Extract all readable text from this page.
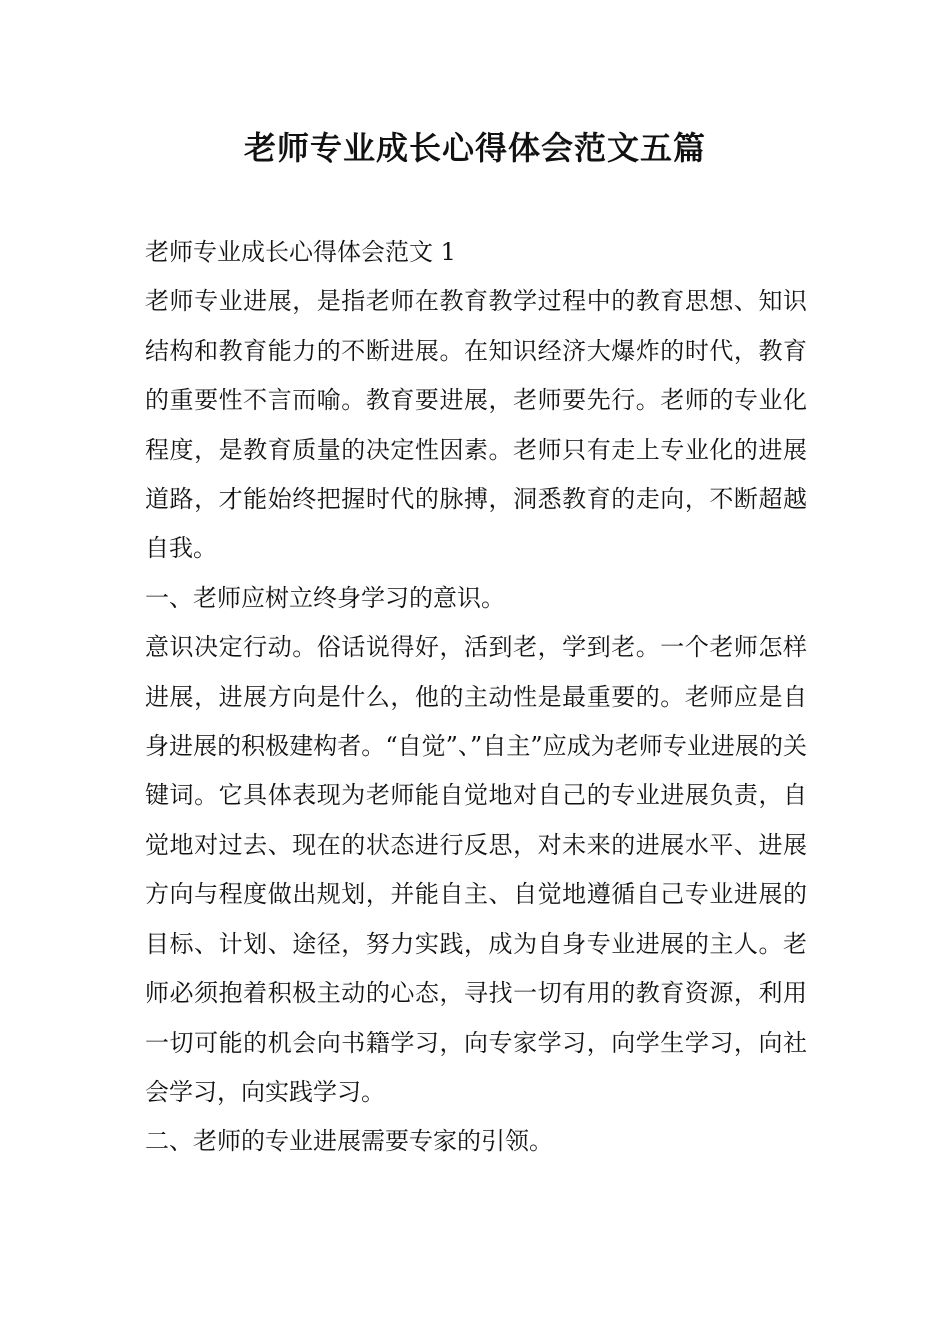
老师专业成长心得体会范文五篇

老师专业成长心得体会范文 1

老师专业进展，是指老师在教育教学过程中的教育思想、知识结构和教育能力的不断进展。在知识经济大爆炸的时代，教育的重要性不言而喻。教育要进展，老师要先行。老师的专业化程度，是教育质量的决定性因素。老师只有走上专业化的进展道路，才能始终把握时代的脉搏，洞悉教育的走向，不断超越自我。

一、老师应树立终身学习的意识。

意识决定行动。俗话说得好，活到老，学到老。一个老师怎样进展，进展方向是什么，他的主动性是最重要的。老师应是自身进展的积极建构者。“自觉”、”自主”应成为老师专业进展的关键词。它具体表现为老师能自觉地对自己的专业进展负责，自觉地对过去、现在的状态进行反思，对未来的进展水平、进展方向与程度做出规划，并能自主、自觉地遵循自己专业进展的目标、计划、途径，努力实践，成为自身专业进展的主人。老师必须抱着积极主动的心态，寻找一切有用的教育资源，利用一切可能的机会向书籍学习，向专家学习，向学生学习，向社会学习，向实践学习。

二、老师的专业进展需要专家的引领。
